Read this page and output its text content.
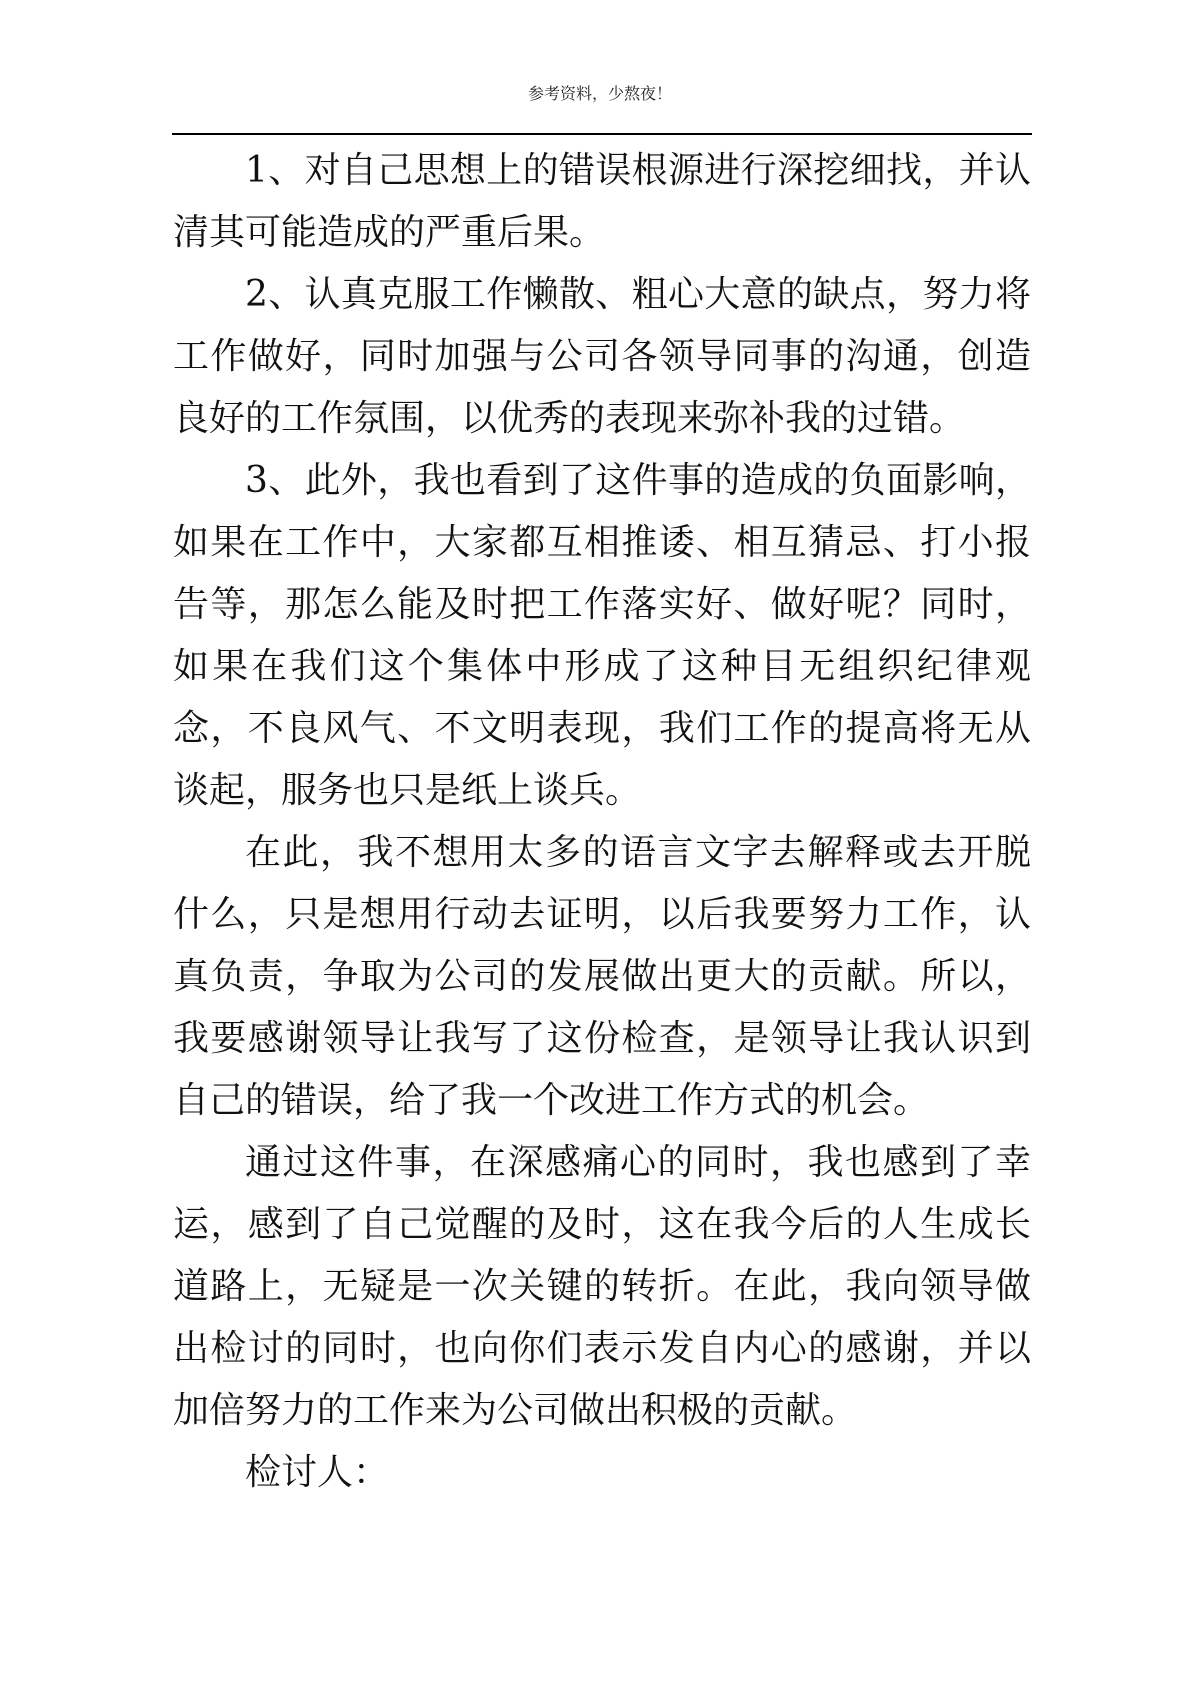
参考资料，少熬夜！

1、对自己思想上的错误根源进行深挖细找，并认清其可能造成的严重后果。

2、认真克服工作懒散、粗心大意的缺点，努力将工作做好，同时加强与公司各领导同事的沟通，创造良好的工作氛围，以优秀的表现来弥补我的过错。

3、此外，我也看到了这件事的造成的负面影响，如果在工作中，大家都互相推诿、相互猜忌、打小报告等，那怎么能及时把工作落实好、做好呢？同时，如果在我们这个集体中形成了这种目无组织纪律观念，不良风气、不文明表现，我们工作的提高将无从谈起，服务也只是纸上谈兵。

在此，我不想用太多的语言文字去解释或去开脱什么，只是想用行动去证明，以后我要努力工作，认真负责，争取为公司的发展做出更大的贡献。所以，我要感谢领导让我写了这份检查，是领导让我认识到自己的错误，给了我一个改进工作方式的机会。

通过这件事，在深感痛心的同时，我也感到了幸运，感到了自己觉醒的及时，这在我今后的人生成长道路上，无疑是一次关键的转折。在此，我向领导做出检讨的同时，也向你们表示发自内心的感谢，并以加倍努力的工作来为公司做出积极的贡献。

检讨人：
